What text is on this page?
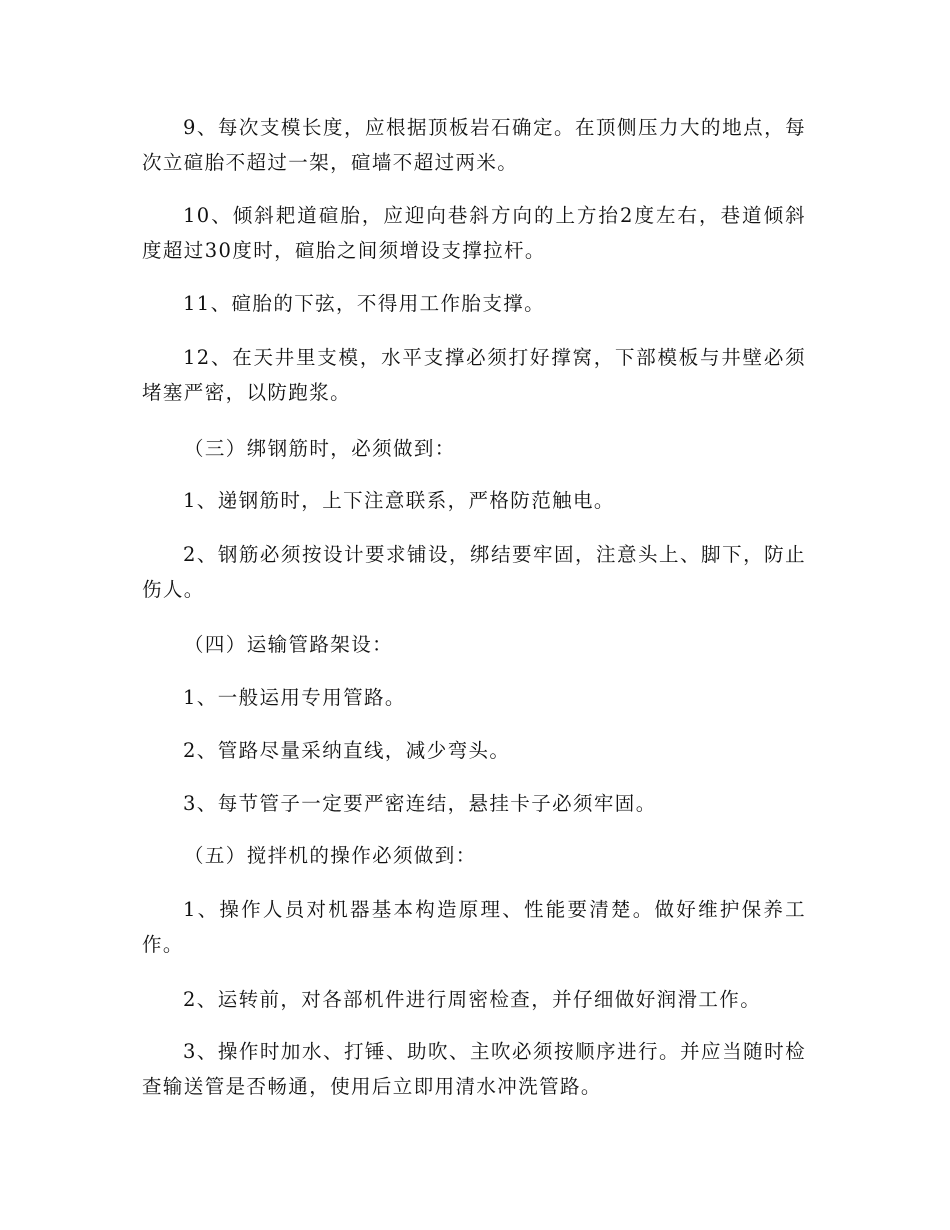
9、每次支模长度，应根据顶板岩石确定。在顶侧压力大的地点，每次立碹胎不超过一架，碹墙不超过两米。

10、倾斜耙道碹胎，应迎向巷斜方向的上方抬2度左右，巷道倾斜度超过30度时，碹胎之间须增设支撑拉杆。

11、碹胎的下弦，不得用工作胎支撑。

12、在天井里支模，水平支撑必须打好撑窝，下部模板与井壁必须堵塞严密，以防跑浆。

（三）绑钢筋时，必须做到：

1、递钢筋时，上下注意联系，严格防范触电。

2、钢筋必须按设计要求铺设，绑结要牢固，注意头上、脚下，防止伤人。

（四）运输管路架设：

1、一般运用专用管路。

2、管路尽量采纳直线，减少弯头。

3、每节管子一定要严密连结，悬挂卡子必须牢固。

（五）搅拌机的操作必须做到：

1、操作人员对机器基本构造原理、性能要清楚。做好维护保养工作。

2、运转前，对各部机件进行周密检查，并仔细做好润滑工作。

3、操作时加水、打锤、助吹、主吹必须按顺序进行。并应当随时检查输送管是否畅通，使用后立即用清水冲洗管路。
